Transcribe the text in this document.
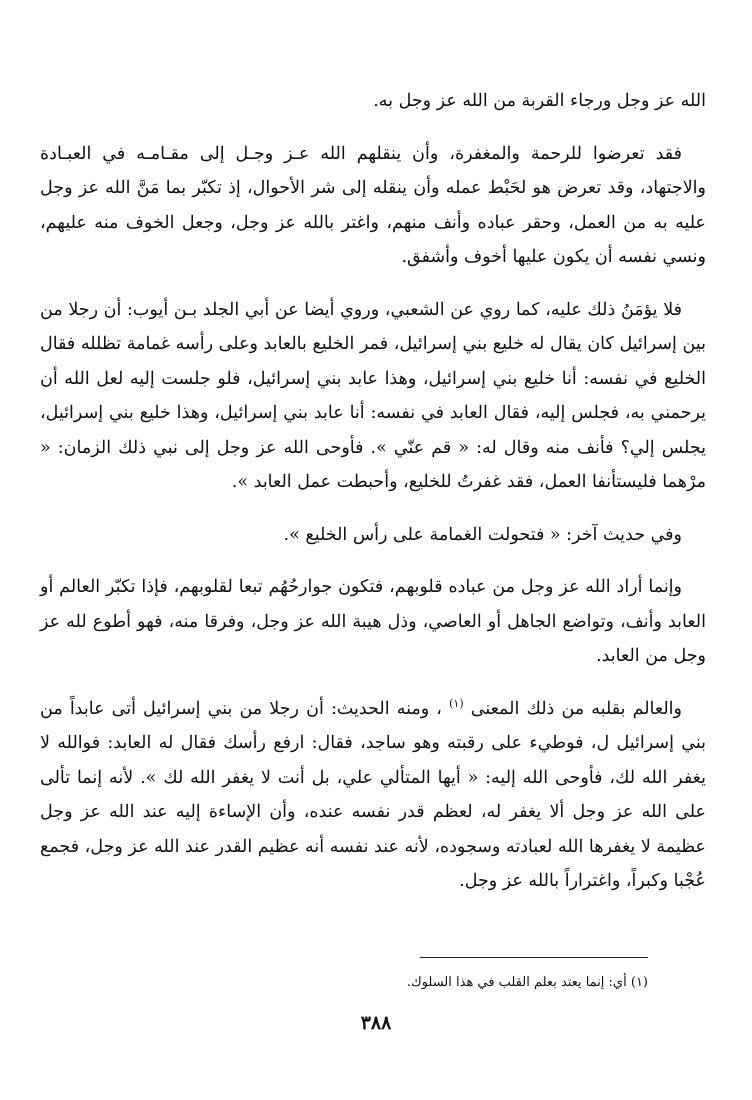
الله عز وجل ورجاء القربة من الله عز وجل به.

فقد تعرضوا للرحمة والمغفرة، وأن ينقلهم الله عـز وجـل إلى مقـامـه في العبـادة والاجتهاد، وقد تعرض هو لحَبْط عمله وأن ينقله إلى شر الأحوال، إذ تكبّر بما مَنَّ الله عز وجل عليه به من العمل، وحقر عباده وأنف منهم، واغتر بالله عز وجل، وجعل الخوف منه عليهم، ونسي نفسه أن يكون عليها أخوف وأشفق.

فلا يؤمَنُ ذلك عليه، كما روي عن الشعبي، وروي أيضا عن أبي الجلد بـن أيوب: أن رجلا من بين إسرائيل كان يقال له خليع بني إسرائيل، فمر الخليع بالعابد وعلى رأسه غمامة تظلله فقال الخليع في نفسه: أنا خليع بني إسرائيل، وهذا عابد بني إسرائيل، فلو جلست إليه لعل الله أن يرحمني به، فجلس إليه، فقال العابد في نفسه: أنا عابد بني إسرائيل، وهذا خليع بني إسرائيل، يجلس إلي؟ فأنف منه وقال له: « قم عنّي ». فأوحى الله عز وجل إلى نبي ذلك الزمان: « مرْهما فليستأنفا العمل، فقد غفرتُ للخليع، وأحبطت عمل العابد ».

وفي حديث آخر: « فتحولت الغمامة على رأس الخليع ».

وإنما أراد الله عز وجل من عباده قلوبهم، فتكون جوارحُهُم تبعا لقلوبهم، فإذا تكبّر العالم أو العابد وأنف، وتواضع الجاهل أو العاصي، وذل هيبة الله عز وجل، وفرقا منه، فهو أطوع لله عز وجل من العابد.

والعالم بقلبه من ذلك المعنى $^{(١)}$ ، ومنه الحديث: أن رجلا من بني إسرائيل أتى عابداً من بني إسرائيل ل، فوطيء على رقبته وهو ساجد، فقال: ارفع رأسك فقال له العابد: فوالله لا يغفر الله لك، فأوحى الله إليه: « أيها المتألي علي، بل أنت لا يغفر الله لك ». لأنه إنما تألى على الله عز وجل ألا يغفر له، لعظم قدر نفسه عنده، وأن الإساءة إليه عند الله عز وجل عظيمة لا يغفرها الله لعبادته وسجوده، لأنه عند نفسه أنه عظيم القدر عند الله عز وجل، فجمع عُجْبا وكبراً، واغتراراً بالله عز وجل.

(١) أي: إنما يعتد بعلم القلب في هذا السلوك.
٣٨٨
